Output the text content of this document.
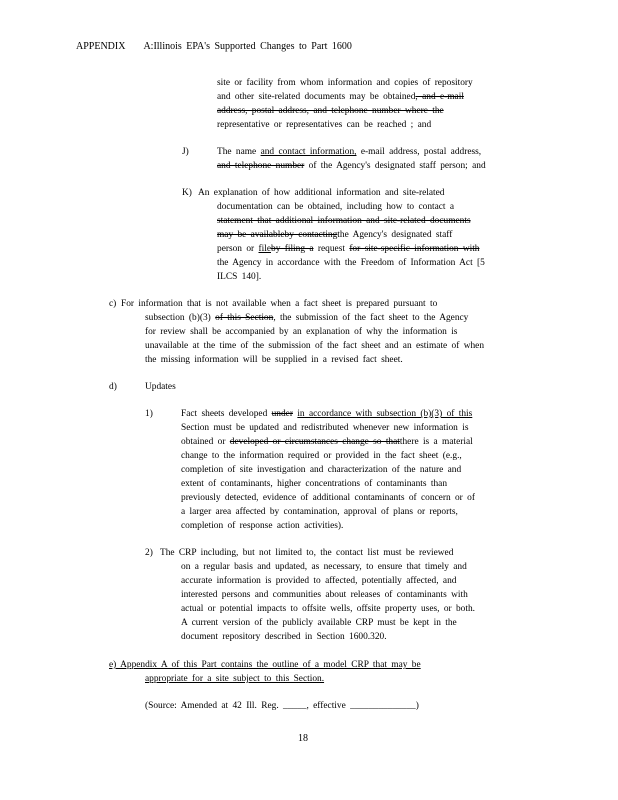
APPENDIX A:Illinois EPA's Supported Changes to Part 1600
site or facility from whom information and copies of repository
and other site-related documents may be obtained, and e-mail
address, postal address, and telephone number where the
representative or representatives can be reached ; and
J)	The name and contact information, e-mail address, postal address,
and telephone number of the Agency's designated staff person; and
K) An explanation of how additional information and site-related
documentation can be obtained, including how to contact a
statement that additional information and site-related documents
may be availableby contactingthe Agency's designated staff
person or fileby filing a request for site-specific information with
the Agency in accordance with the Freedom of Information Act [5
ILCS 140].
c) For information that is not available when a fact sheet is prepared pursuant to
subsection (b)(3) of this Section, the submission of the fact sheet to the Agency
for review shall be accompanied by an explanation of why the information is
unavailable at the time of the submission of the fact sheet and an estimate of when
the missing information will be supplied in a revised fact sheet.
d)	Updates
1)	Fact sheets developed under in accordance with subsection (b)(3) of this
Section must be updated and redistributed whenever new information is
obtained or developed or circumstances change so thatthere is a material
change to the information required or provided in the fact sheet (e.g.,
completion of site investigation and characterization of the nature and
extent of contaminants, higher concentrations of contaminants than
previously detected, evidence of additional contaminants of concern or of
a larger area affected by contamination, approval of plans or reports,
completion of response action activities).
2) The CRP including, but not limited to, the contact list must be reviewed
on a regular basis and updated, as necessary, to ensure that timely and
accurate information is provided to affected, potentially affected, and
interested persons and communities about releases of contaminants with
actual or potential impacts to offsite wells, offsite property uses, or both.
A current version of the publicly available CRP must be kept in the
document repository described in Section 1600.320.
e) Appendix A of this Part contains the outline of a model CRP that may be
appropriate for a site subject to this Section.
(Source: Amended at 42 Ill. Reg. _____, effective ______________)
18
